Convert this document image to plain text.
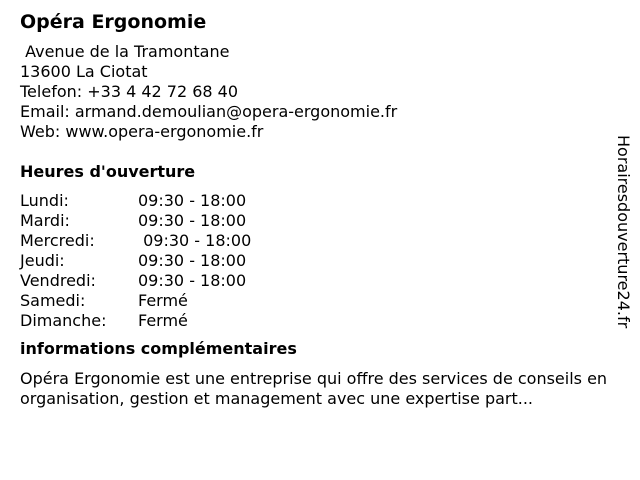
Opéra Ergonomie
Avenue de la Tramontane
13600 La Ciotat
Telefon: +33 4 42 72 68 40
Email: armand.demoulian@opera-ergonomie.fr
Web: www.opera-ergonomie.fr
Heures d'ouverture
Lundi:	09:30 - 18:00
Mardi:	09:30 - 18:00
Mercredi:	09:30 - 18:00
Jeudi:	09:30 - 18:00
Vendredi:	09:30 - 18:00
Samedi:	Fermé
Dimanche:	Fermé
informations complémentaires
Opéra Ergonomie est une entreprise qui offre des services de conseils en organisation, gestion et management avec une expertise part...
Horairesdouverture24.fr
